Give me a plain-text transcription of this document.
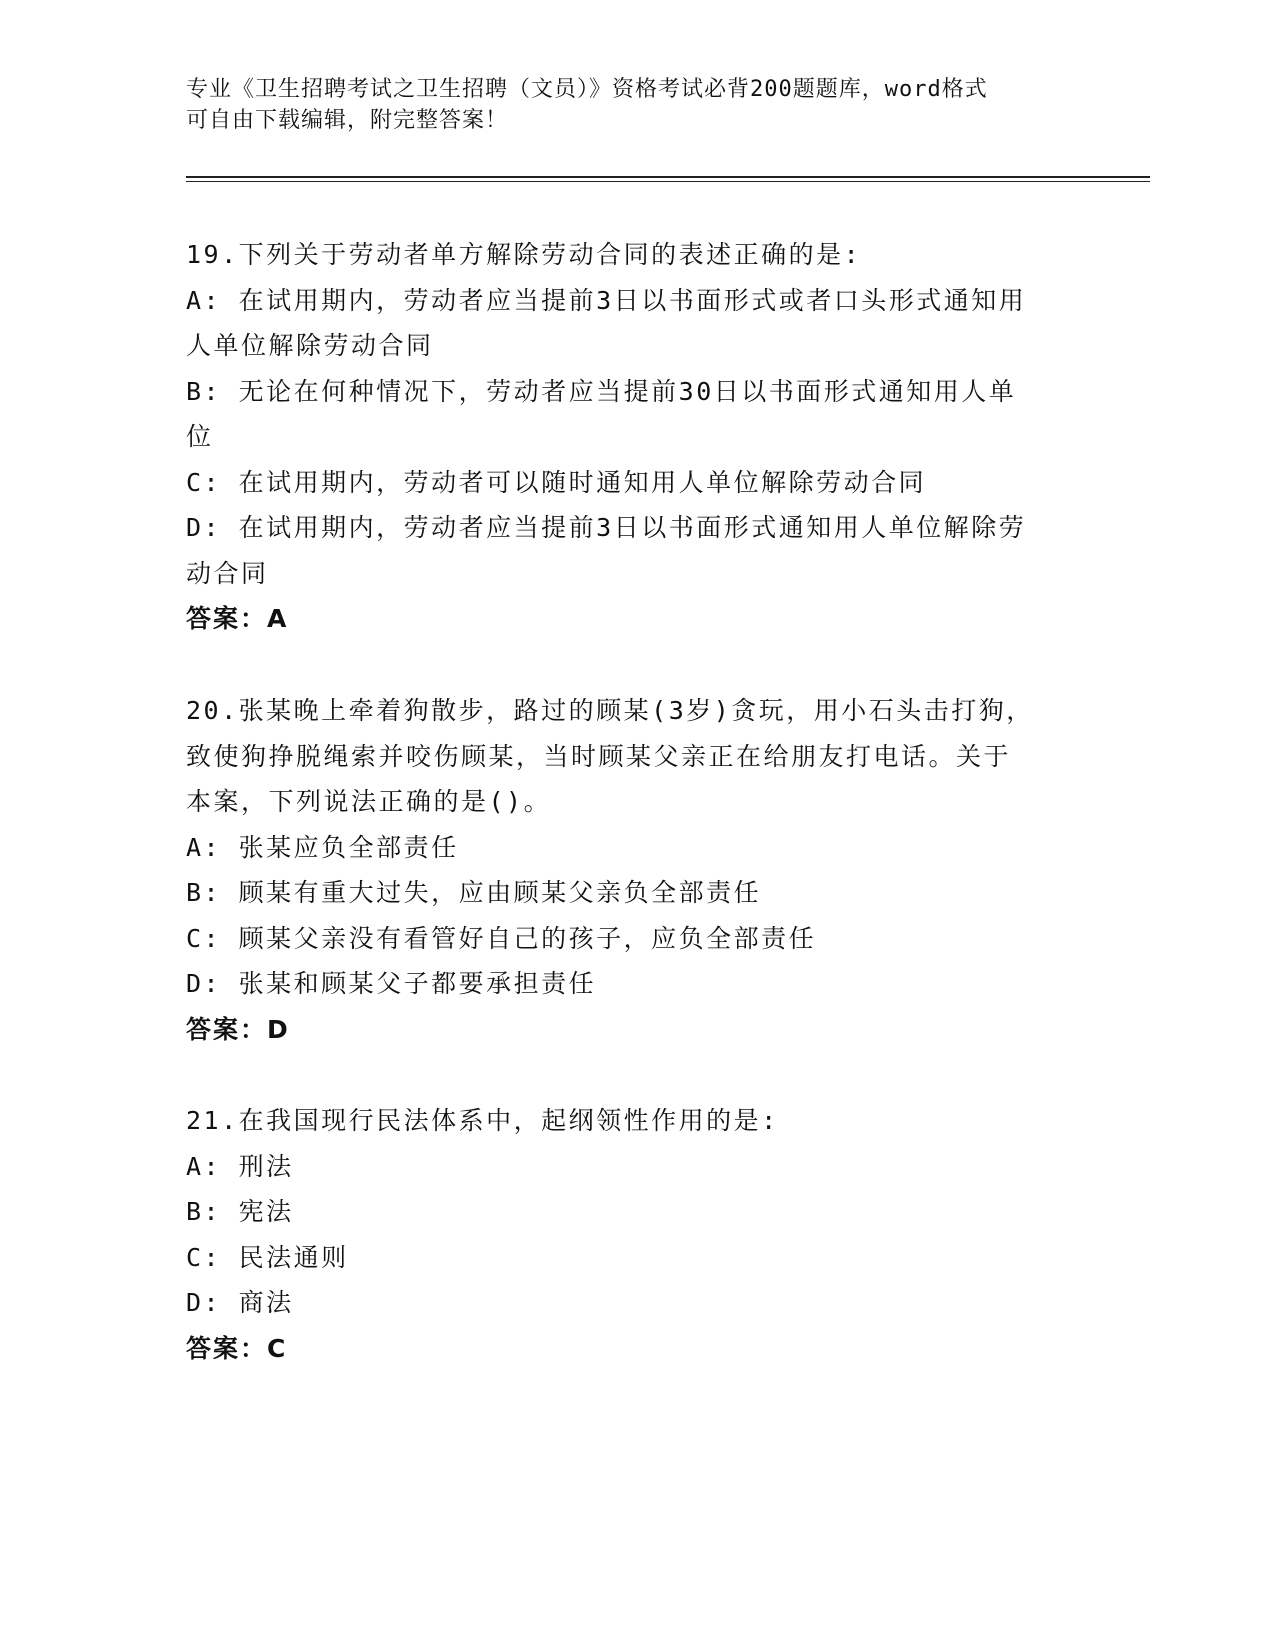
专业《卫生招聘考试之卫生招聘（文员）》资格考试必背200题题库，word格式
可自由下载编辑，附完整答案！
19.下列关于劳动者单方解除劳动合同的表述正确的是:
A: 在试用期内，劳动者应当提前3日以书面形式或者口头形式通知用
人单位解除劳动合同
B: 无论在何种情况下，劳动者应当提前30日以书面形式通知用人单
位
C: 在试用期内，劳动者可以随时通知用人单位解除劳动合同
D: 在试用期内，劳动者应当提前3日以书面形式通知用人单位解除劳
动合同
答案：A
20.张某晚上牵着狗散步，路过的顾某(3岁)贪玩，用小石头击打狗，
致使狗挣脱绳索并咬伤顾某，当时顾某父亲正在给朋友打电话。关于
本案，下列说法正确的是()。
A: 张某应负全部责任
B: 顾某有重大过失，应由顾某父亲负全部责任
C: 顾某父亲没有看管好自己的孩子，应负全部责任
D: 张某和顾某父子都要承担责任
答案：D
21.在我国现行民法体系中，起纲领性作用的是:
A: 刑法
B: 宪法
C: 民法通则
D: 商法
答案：C
